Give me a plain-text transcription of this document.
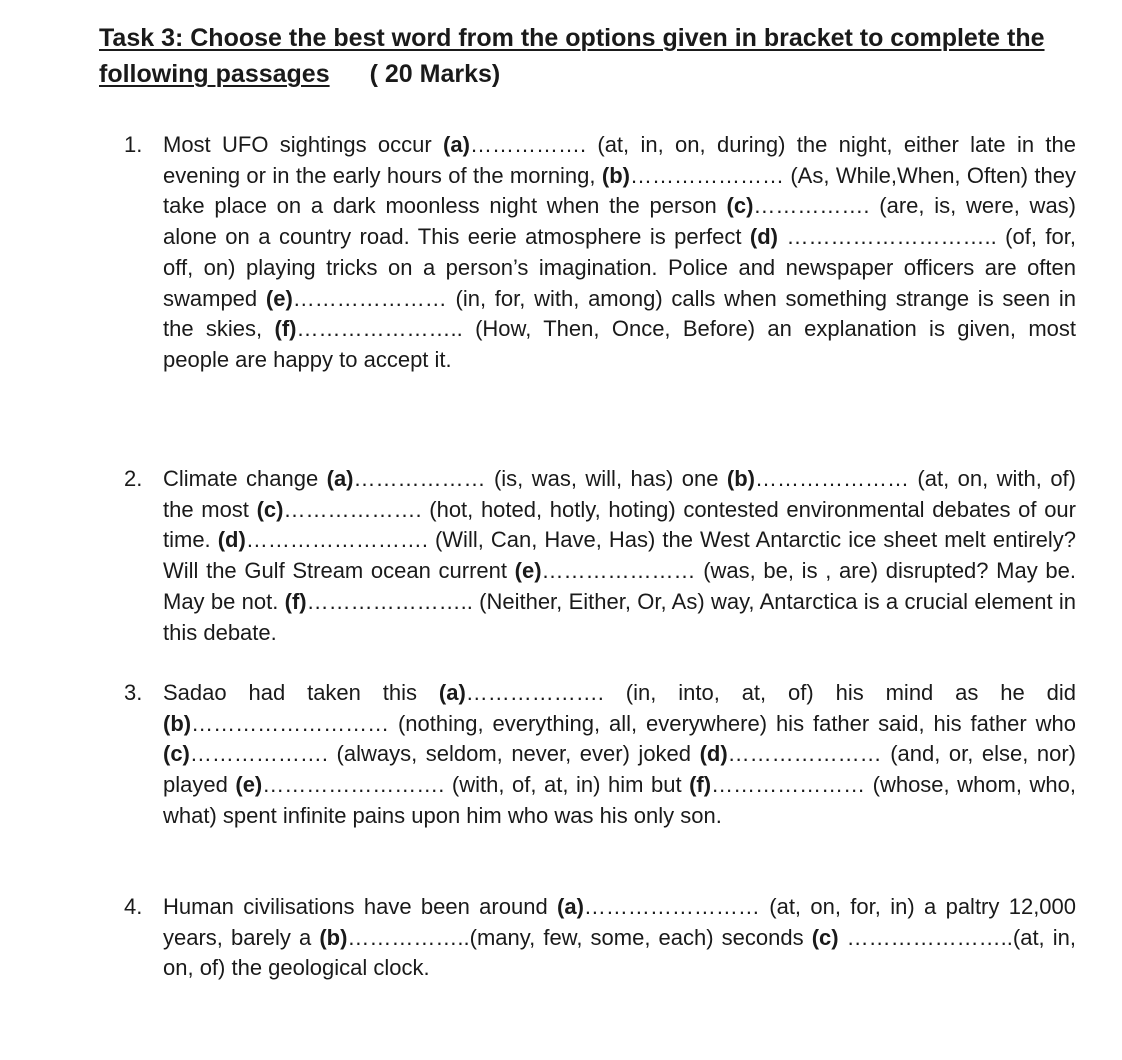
Task 3: Choose the best word from the options given in bracket to complete the
following passages ( 20 Marks)
1. Most UFO sightings occur (a)……………. (at, in, on, during) the night, either late in the evening or in the early hours of the morning, (b)………………… (As, While,When, Often) they take place on a dark moonless night when the person (c)……………. (are, is, were, was) alone on a country road. This eerie atmosphere is perfect (d) ……………………….. (of, for, off, on) playing tricks on a person’s imagination. Police and newspaper officers are often swamped (e)………………… (in, for, with, among) calls when something strange is seen in the skies, (f)………………….. (How, Then, Once, Before) an explanation is given, most people are happy to accept it.
2. Climate change (a)……………… (is, was, will, has) one (b)………………… (at, on, with, of) the most (c)………………. (hot, hoted, hotly, hoting) contested environmental debates of our time. (d)……………………. (Will, Can, Have, Has) the West Antarctic ice sheet melt entirely? Will the Gulf Stream ocean current (e)………………… (was, be, is , are) disrupted? May be. May be not. (f)………………….. (Neither, Either, Or, As) way, Antarctica is a crucial element in this debate.
3. Sadao had taken this (a)………………. (in, into, at, of) his mind as he did (b)……………………… (nothing, everything, all, everywhere) his father said, his father who (c)………………. (always, seldom, never, ever) joked (d)………………… (and, or, else, nor) played (e)……………………. (with, of, at, in) him but (f)………………… (whose, whom, who, what) spent infinite pains upon him who was his only son.
4. Human civilisations have been around (a)…………………… (at, on, for, in) a paltry 12,000 years, barely a (b)……………..(many, few, some, each) seconds (c) …………………..(at, in, on, of) the geological clock.
